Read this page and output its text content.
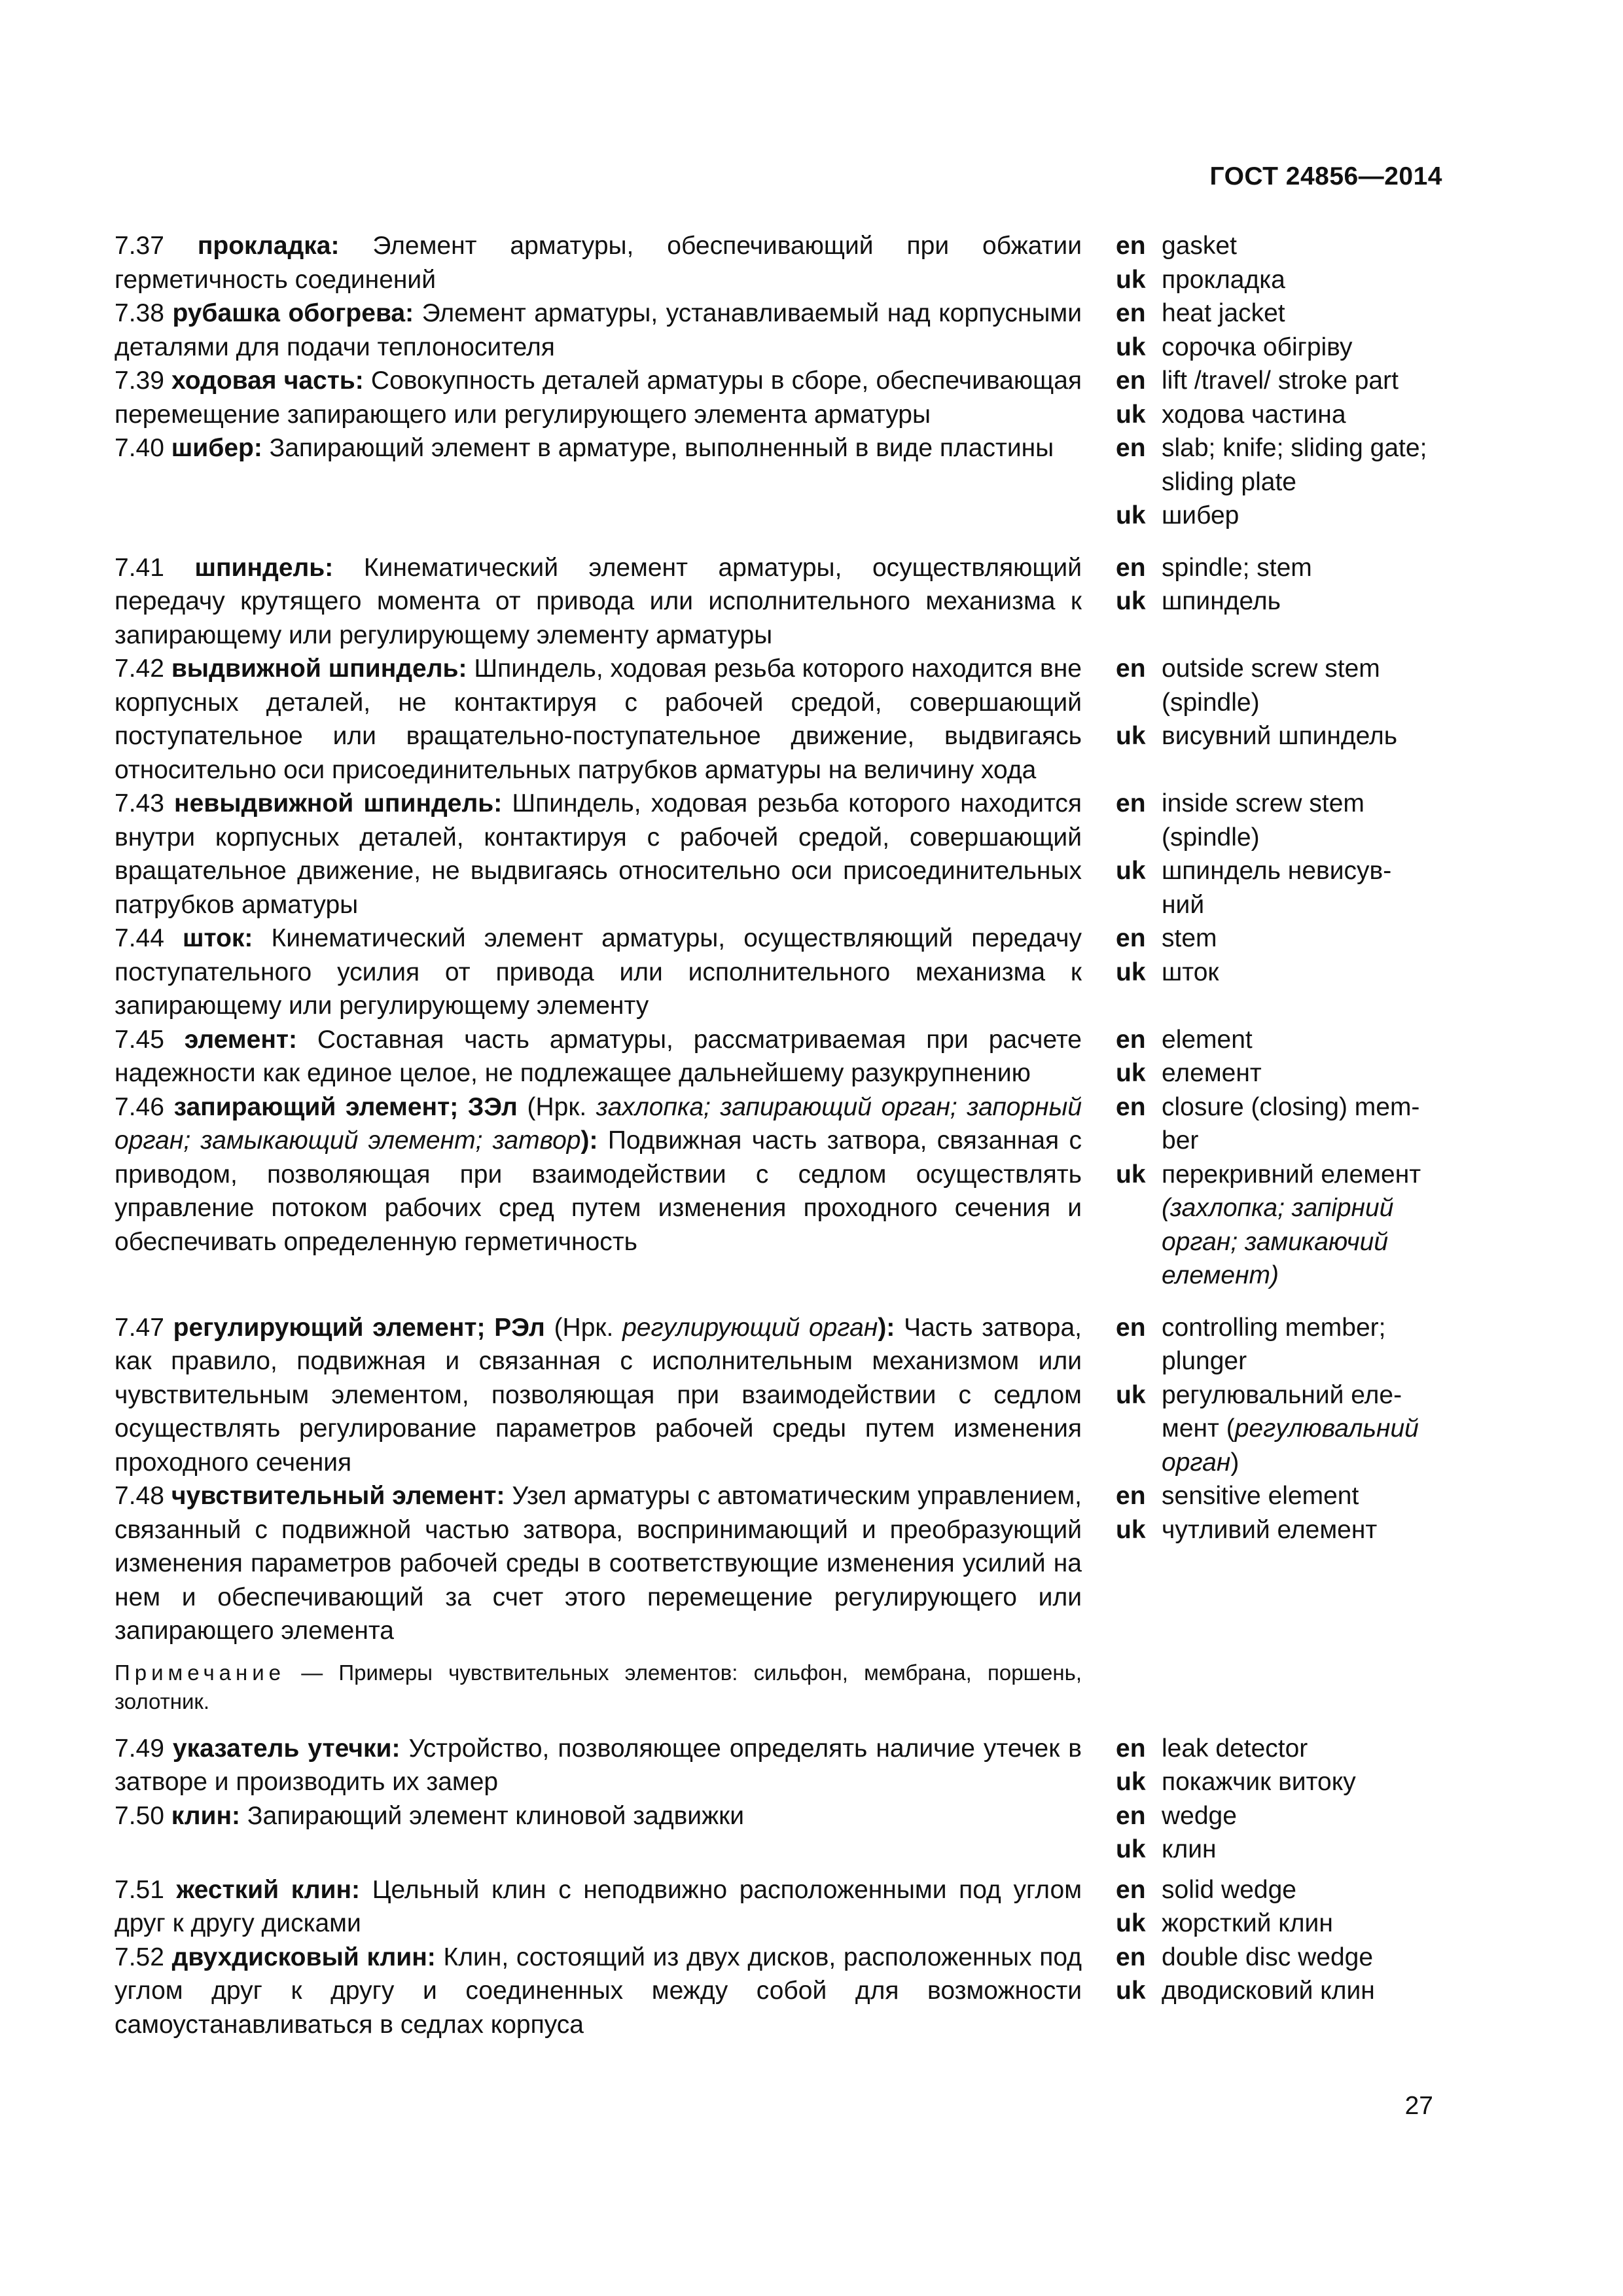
ГОСТ 24856—2014
7.37 прокладка: Элемент арматуры, обеспечивающий при обжатии герметичность соединений
en gasket
uk прокладка
7.38 рубашка обогрева: Элемент арматуры, устанавливаемый над корпусными деталями для подачи теплоносителя
en heat jacket
uk сорочка обігріву
7.39 ходовая часть: Совокупность деталей арматуры в сборе, обеспечивающая перемещение запирающего или регулирующего элемента арматуры
en lift /travel/ stroke part
uk ходова частина
7.40 шибер: Запирающий элемент в арматуре, выполненный в виде пластины	en slab; knife; sliding gate;
sliding plate
uk шибер
7.41 шпиндель: Кинематический элемент арматуры, осуществляющий передачу крутящего момента от привода или исполнительного механизма к запирающему или регулирующему элементу арматуры
en spindle; stem
uk шпиндель
7.42 выдвижной шпиндель: Шпиндель, ходовая резьба которого находится вне корпусных деталей, не контактируя с рабочей средой, совершающий поступательное или вращательно-поступательное движение, выдвигаясь относительно оси присоединительных патрубков арматуры на величину хода
en outside screw stem
(spindle)
uk висувний шпиндель
7.43 невыдвижной шпиндель: Шпиндель, ходовая резьба которого находится внутри корпусных деталей, контактируя с рабочей средой, совершающий вращательное движение, не выдвигаясь относительно оси присоединительных патрубков арматуры
en inside screw stem
(spindle)
uk шпиндель невисув-
ний
7.44 шток: Кинематический элемент арматуры, осуществляющий передачу поступательного усилия от привода или исполнительного механизма к запирающему или регулирующему элементу
en stem
uk шток
7.45 элемент: Составная часть арматуры, рассматриваемая при расчете надежности как единое целое, не подлежащее дальнейшему разукрупнению
en element
uk елемент
7.46 запирающий элемент; ЗЭл (Нрк. захлопка; запирающий орган; запорный орган; замыкающий элемент; затвор): Подвижная часть затвора, связанная с приводом, позволяющая при взаимодействии с седлом осуществлять управление потоком рабочих сред путем изменения проходного сечения и обеспечивать определенную герметичность
en closure (closing) mem-
ber
uk перекривний елемент
(захлопка; запірний
орган; замикаючий
елемент)
7.47 регулирующий элемент; РЭл (Нрк. регулирующий орган): Часть затвора, как правило, подвижная и связанная с исполнительным механизмом или чувствительным элементом, позволяющая при взаимодействии с седлом осуществлять регулирование параметров рабочей среды путем изменения проходного сечения
en controlling member;
plunger
uk регулювальний еле-
мент (регулювальний
орган)
7.48 чувствительный элемент: Узел арматуры с автоматическим управлением, связанный с подвижной частью затвора, воспринимающий и преобразующий изменения параметров рабочей среды в соответствующие изменения усилий на нем и обеспечивающий за счет этого перемещение регулирующего или запирающего элемента
en sensitive element
uk чутливий елемент
Примечание — Примеры чувствительных элементов: сильфон, мембрана, поршень, золотник.
7.49 указатель утечки: Устройство, позволяющее определять наличие утечек в затворе и производить их замер
en leak detector
uk покажчик витоку
7.50 клин: Запирающий элемент клиновой задвижки	en wedge
uk клин
7.51 жесткий клин: Цельный клин с неподвижно расположенными под углом друг к другу дисками
en solid wedge
uk жорсткий клин
7.52 двухдисковый клин: Клин, состоящий из двух дисков, расположенных под углом друг к другу и соединенных между собой для возможности самоустанавливаться в седлах корпуса
en double disc wedge
uk дводисковий клин
27
